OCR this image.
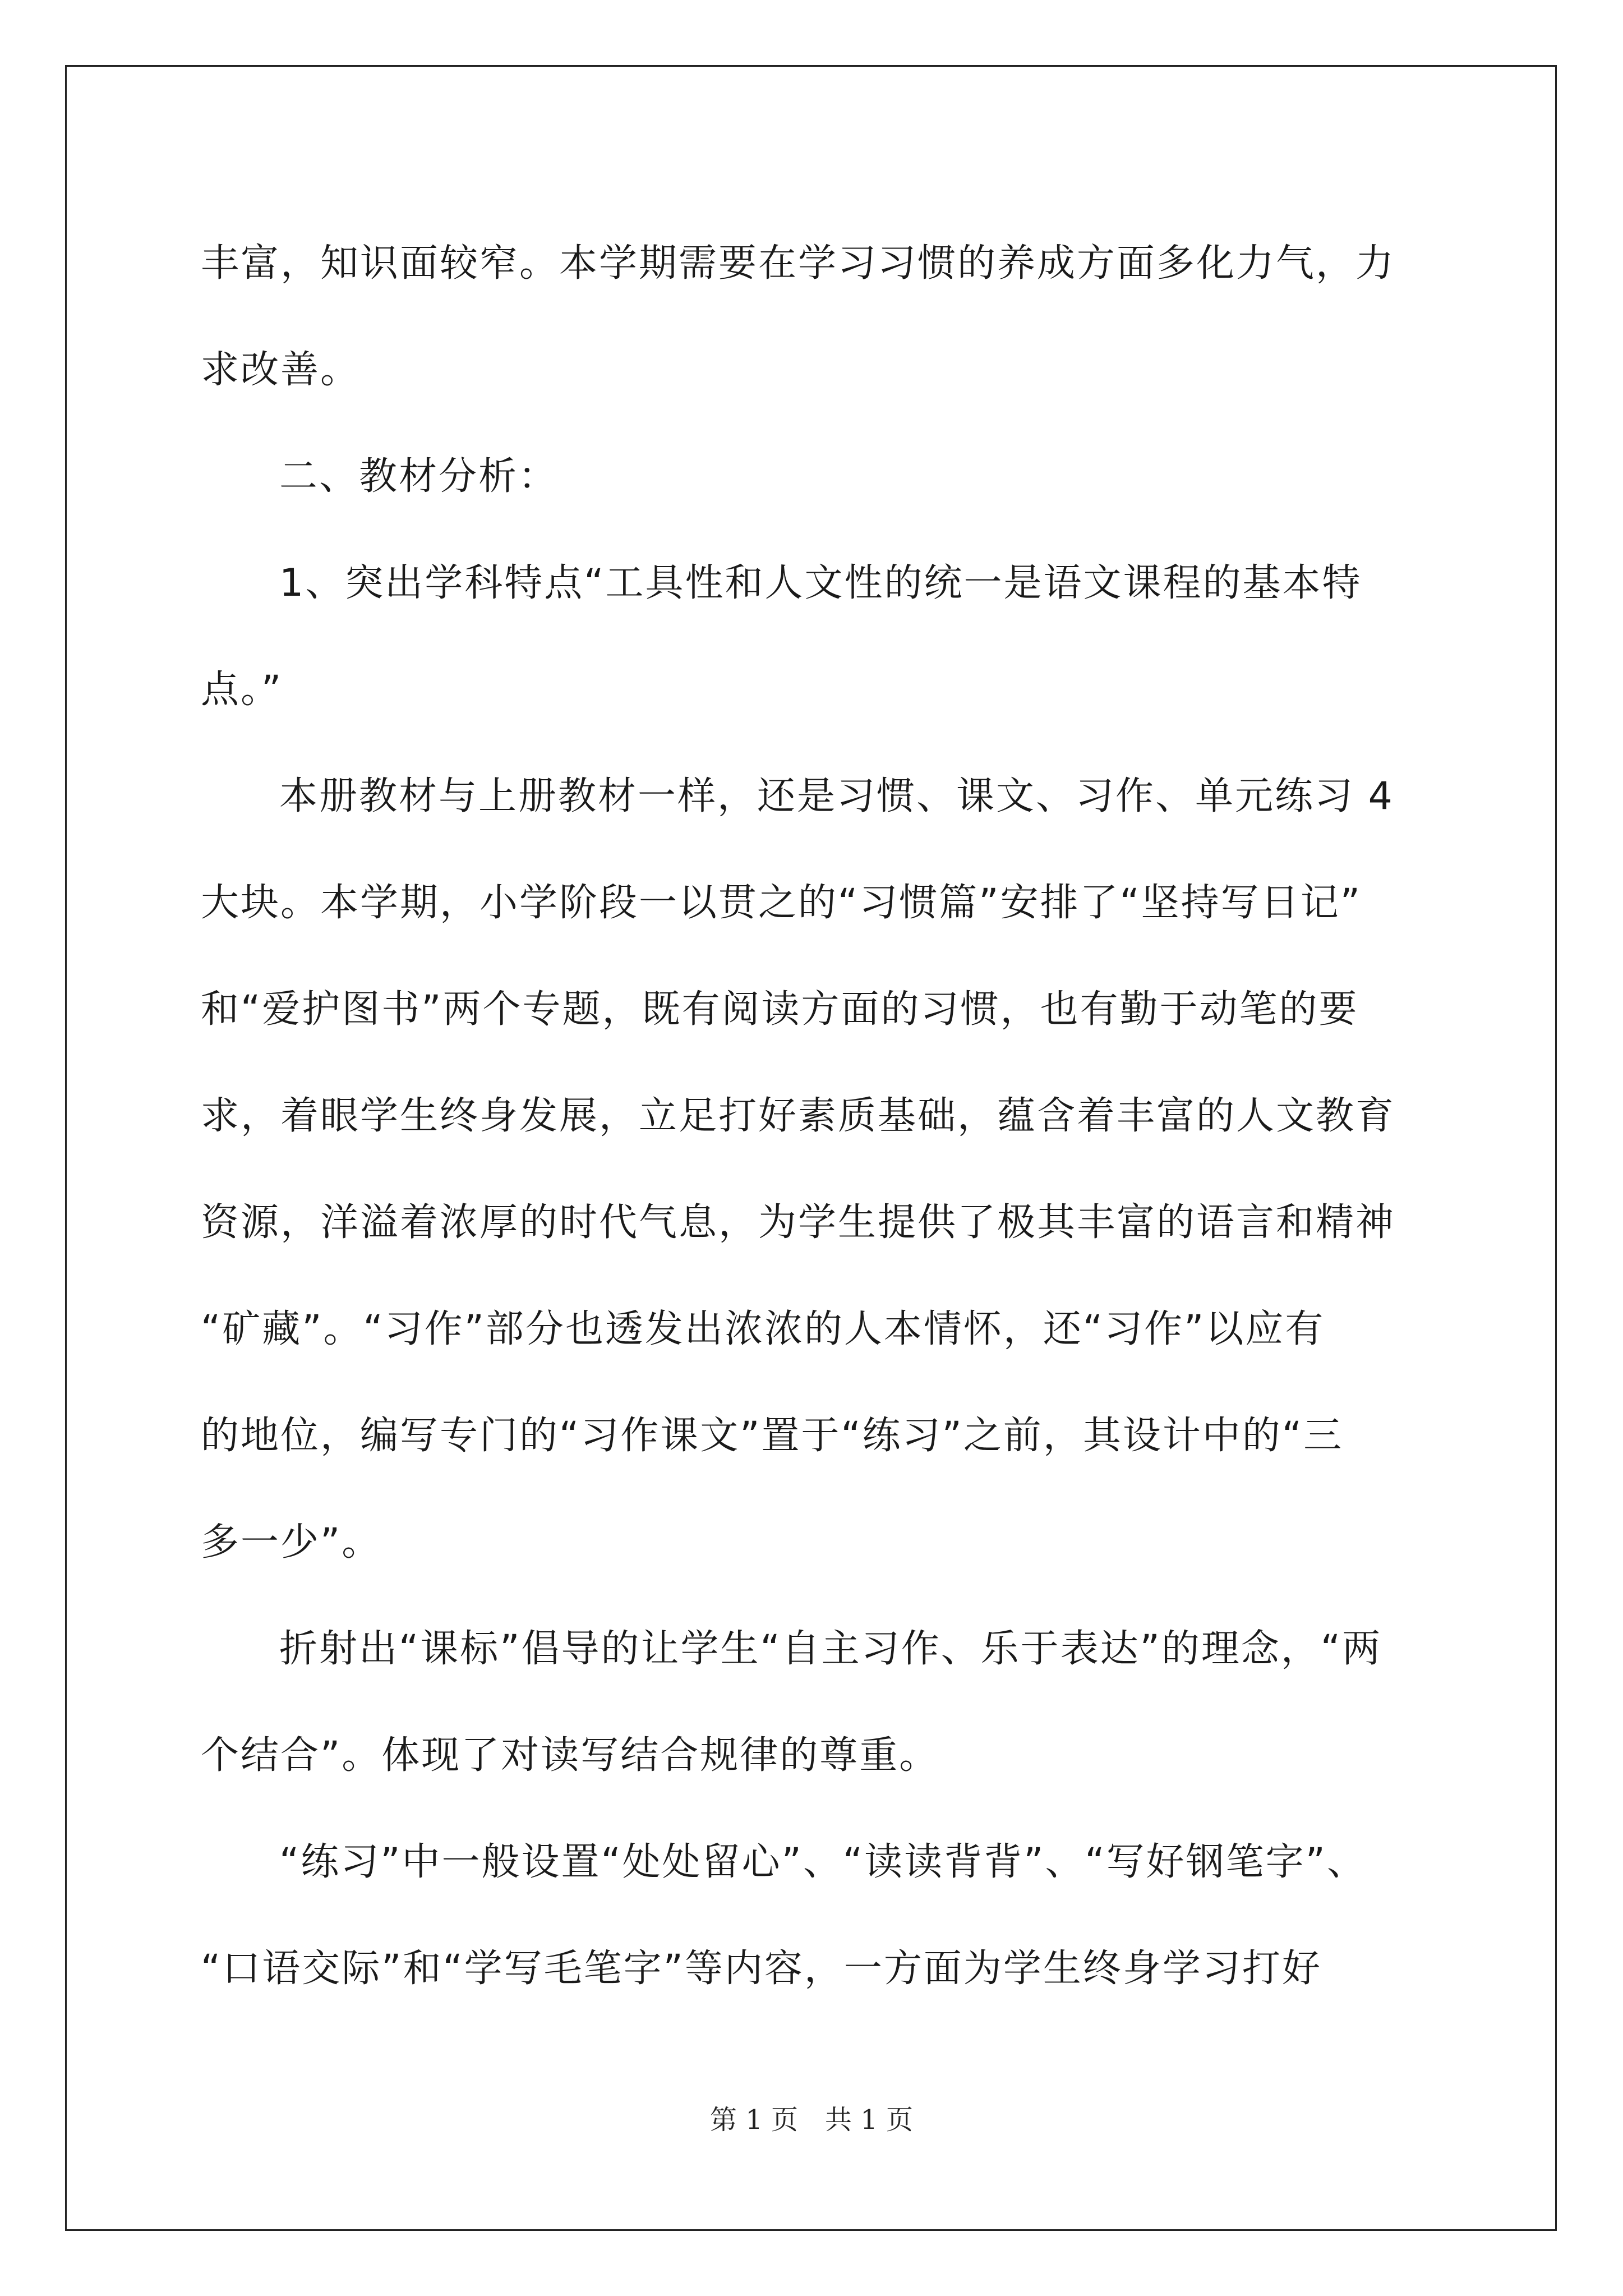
丰富，知识面较窄。本学期需要在学习习惯的养成方面多化力气，力

求改善。

二、教材分析：

1、突出学科特点“工具性和人文性的统一是语文课程的基本特

点。”

本册教材与上册教材一样，还是习惯、课文、习作、单元练习 4

大块。本学期，小学阶段一以贯之的“习惯篇”安排了“坚持写日记”

和“爱护图书”两个专题，既有阅读方面的习惯，也有勤于动笔的要

求，着眼学生终身发展，立足打好素质基础，蕴含着丰富的人文教育

资源，洋溢着浓厚的时代气息，为学生提供了极其丰富的语言和精神

“矿藏”。“习作”部分也透发出浓浓的人本情怀，还“习作”以应有

的地位，编写专门的“习作课文”置于“练习”之前，其设计中的“三

多一少”。

折射出“课标”倡导的让学生“自主习作、乐于表达”的理念，“两

个结合”。体现了对读写结合规律的尊重。

“练习”中一般设置“处处留心”、“读读背背”、“写好钢笔字”、

“口语交际”和“学写毛笔字”等内容，一方面为学生终身学习打好

第 1 页　共 1 页
